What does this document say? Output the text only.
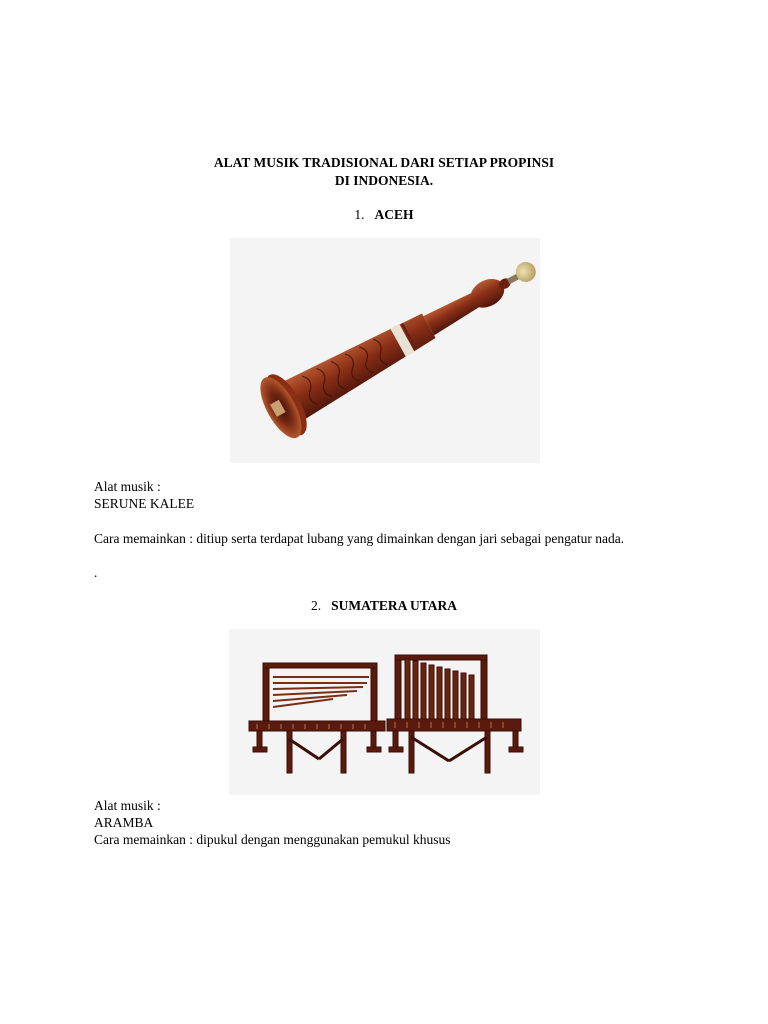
ALAT MUSIK TRADISIONAL DARI SETIAP PROPINSI
DI INDONESIA.
1. ACEH
Alat musik :
SERUNE KALEE
Cara memainkan : ditiup serta terdapat lubang yang dimainkan dengan jari sebagai pengatur nada.
.
2. SUMATERA UTARA
Alat musik :
ARAMBA
Cara memainkan : dipukul dengan menggunakan pemukul khusus
